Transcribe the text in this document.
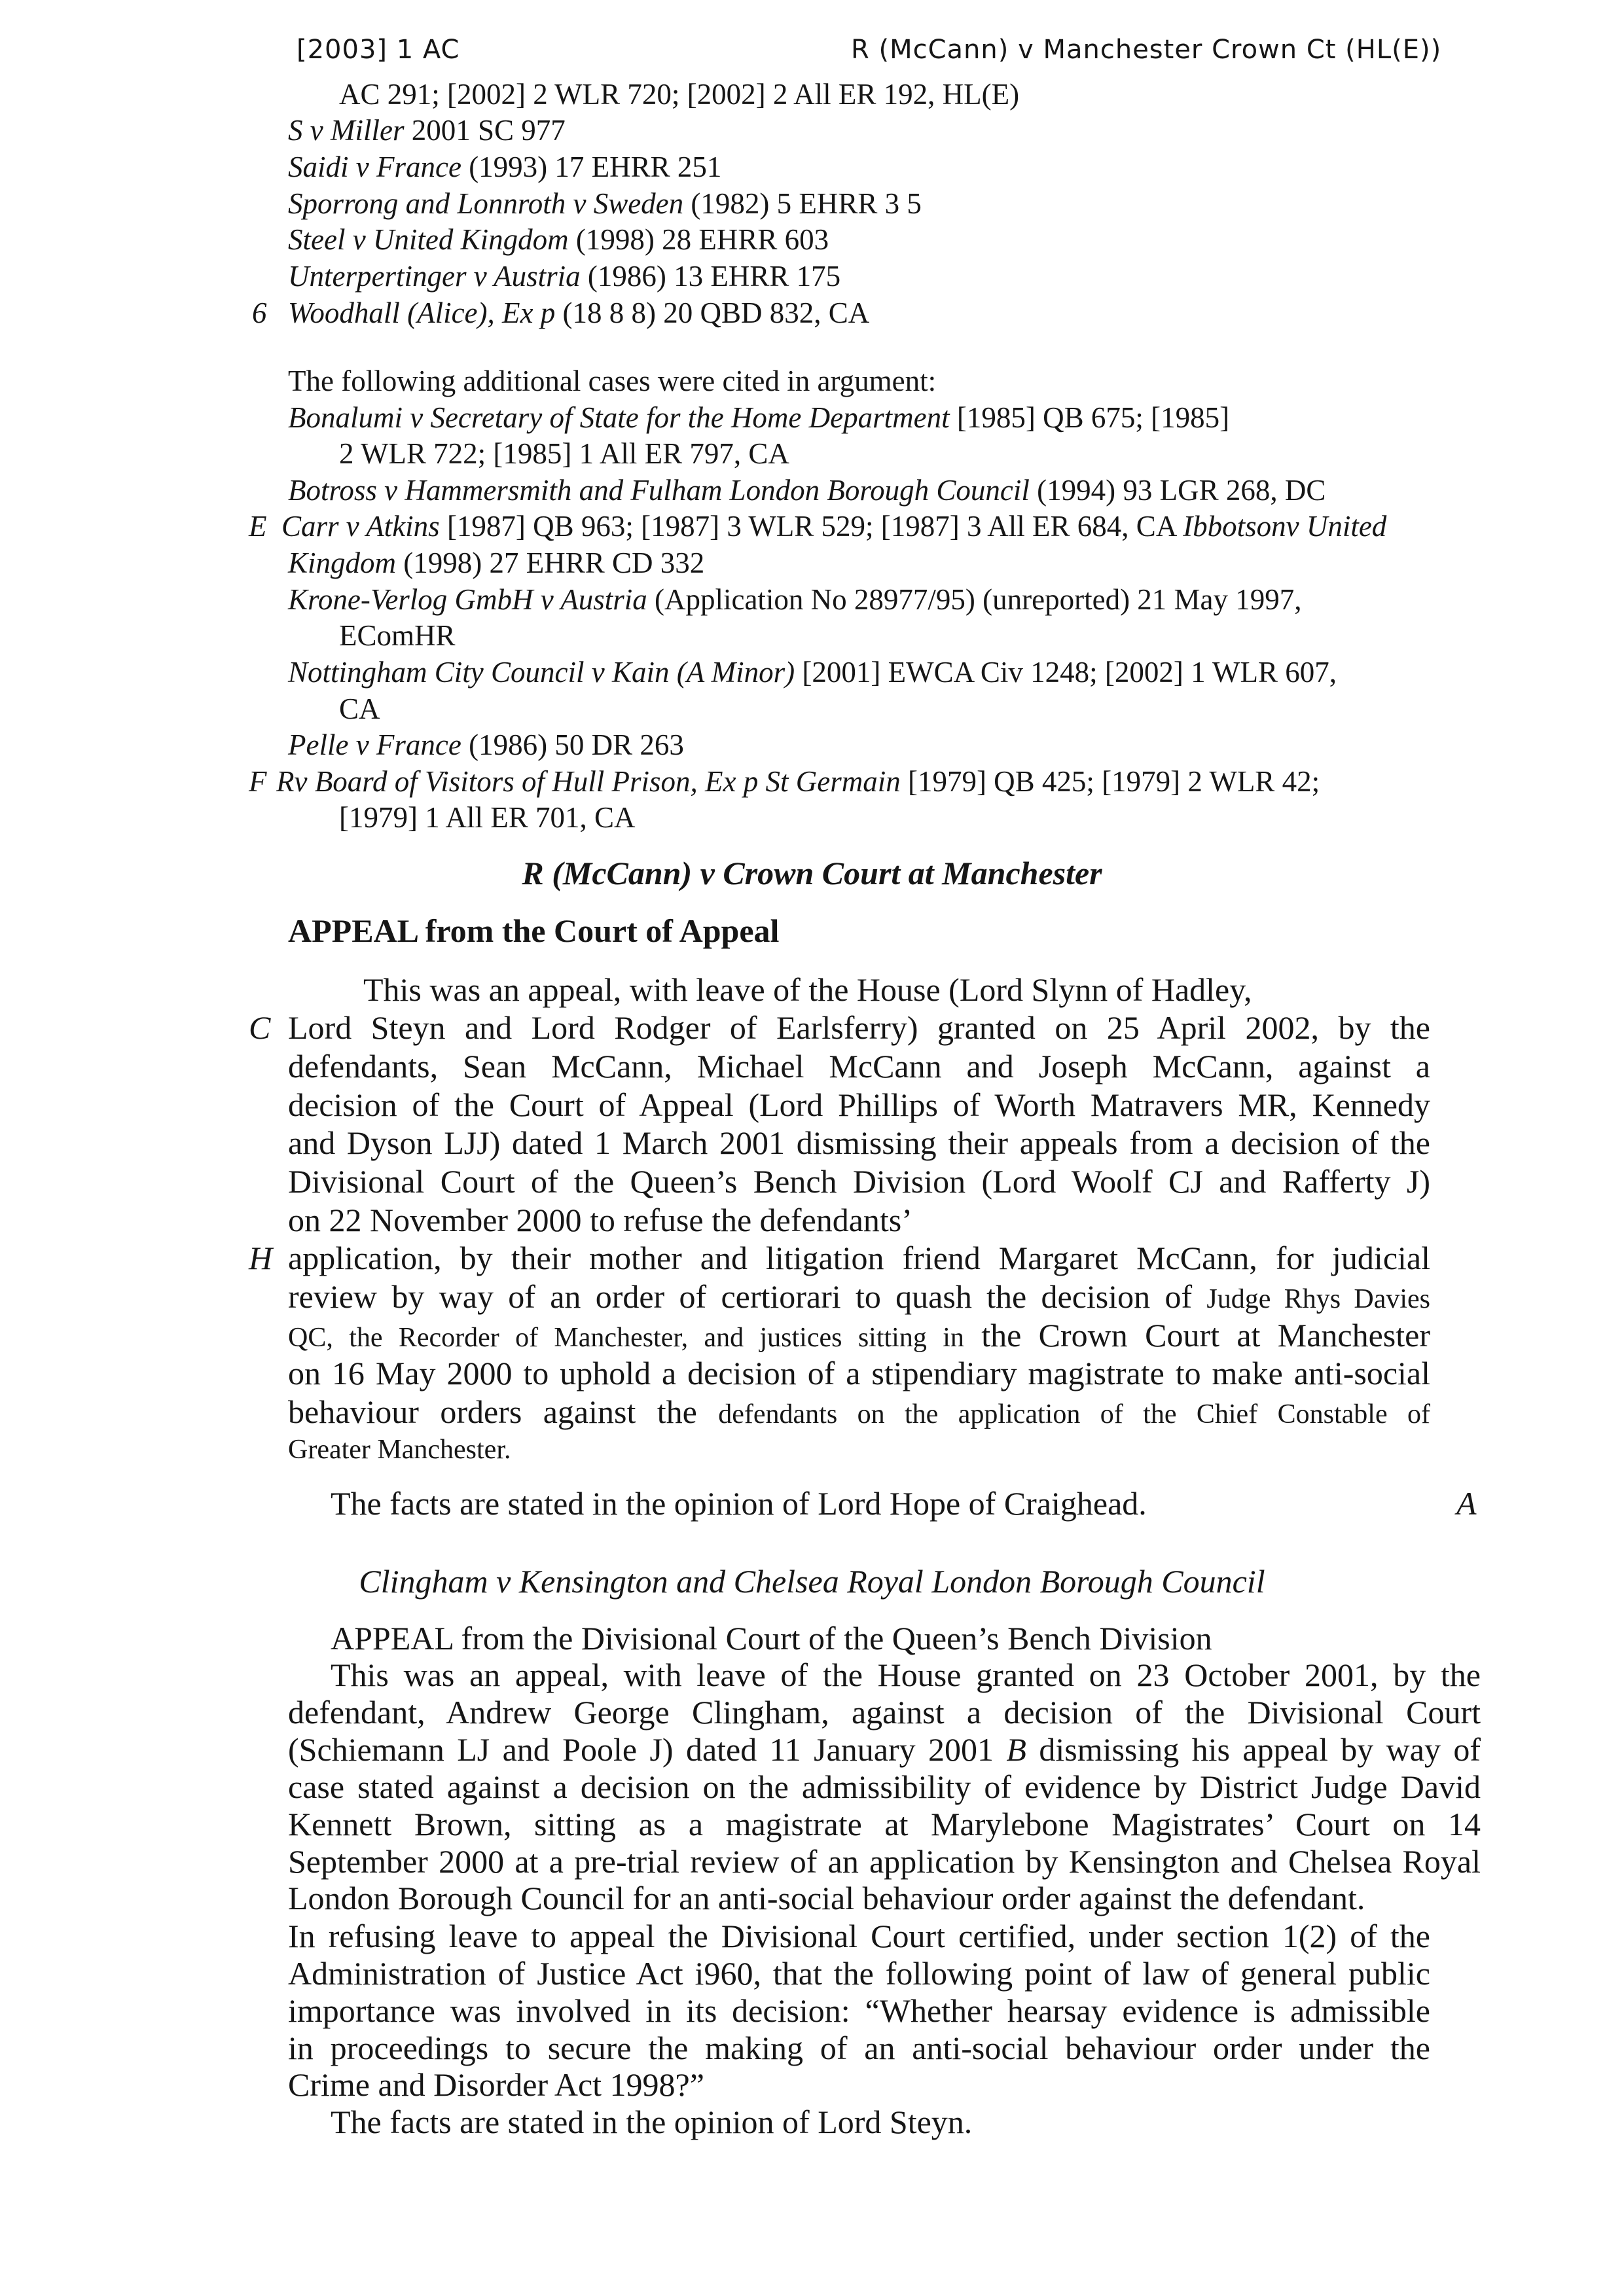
[2003] 1 AC	R (McCann) v Manchester Crown Ct (HL(E))
AC 291; [2002] 2 WLR 720; [2002] 2 All ER 192, HL(E)
S v Miller 2001 SC 977
Saidi v France (1993) 17 EHRR 251
Sporrong and Lonnroth v Sweden (1982) 5 EHRR 3 5
Steel v United Kingdom (1998) 28 EHRR 603
Unterpertinger v Austria (1986) 13 EHRR 175
6 Woodhall (Alice), Ex p (18 8 8) 20 QBD 832, CA
The following additional cases were cited in argument:
Bonalumi v Secretary of State for the Home Department [1985] QB 675; [1985]
2 WLR 722; [1985] 1 All ER 797, CA
Botross v Hammersmith and Fulham London Borough Council (1994) 93 LGR 268, DC
E Carr v Atkins [1987] QB 963; [1987] 3 WLR 529; [1987] 3 All ER 684, CA Ibbotsonv United
Kingdom (1998) 27 EHRR CD 332
Krone-Verlog GmbH v Austria (Application No 28977/95) (unreported) 21 May 1997,
EComHR
Nottingham City Council v Kain (A Minor) [2001] EWCA Civ 1248; [2002] 1 WLR 607,
CA
Pelle v France (1986) 50 DR 263
F Rv Board of Visitors of Hull Prison, Ex p St Germain [1979] QB 425; [1979] 2 WLR 42;
[1979] 1 All ER 701, CA
R (McCann) v Crown Court at Manchester
APPEAL from the Court of Appeal
This was an appeal, with leave of the House (Lord Slynn of Hadley,
C Lord Steyn and Lord Rodger of Earlsferry) granted on 25 April 2002, by the
defendants, Sean McCann, Michael McCann and Joseph McCann, against a
decision of the Court of Appeal (Lord Phillips of Worth Matravers MR, Kennedy
and Dyson LJJ) dated 1 March 2001 dismissing their appeals from a decision of the
Divisional Court of the Queen’s Bench Division (Lord Woolf CJ and Rafferty J)
on 22 November 2000 to refuse the defendants’
H application, by their mother and litigation friend Margaret McCann, for judicial
review by way of an order of certiorari to quash the decision of Judge Rhys Davies
QC, the Recorder of Manchester, and justices sitting in the Crown Court at Manchester
on 16 May 2000 to uphold a decision of a stipendiary magistrate to make anti-social
behaviour orders against the defendants on the application of the Chief Constable of
Greater Manchester.
The facts are stated in the opinion of Lord Hope of Craighead.	A
Clingham v Kensington and Chelsea Royal London Borough Council
APPEAL from the Divisional Court of the Queen’s Bench Division
This was an appeal, with leave of the House granted on 23 October 2001, by the
defendant, Andrew George Clingham, against a decision of the Divisional Court
(Schiemann LJ and Poole J) dated 11 January 2001 B dismissing his appeal by way of
case stated against a decision on the admissibility of evidence by District Judge David
Kennett Brown, sitting as a magistrate at Marylebone Magistrates’ Court on 14
September 2000 at a pre-trial review of an application by Kensington and Chelsea Royal
London Borough Council for an anti-social behaviour order against the defendant.
In refusing leave to appeal the Divisional Court certified, under section 1(2) of the
Administration of Justice Act i960, that the following point of law of general public
importance was involved in its decision: “Whether hearsay evidence is admissible
in proceedings to secure the making of an anti-social behaviour order under the
Crime and Disorder Act 1998?”
The facts are stated in the opinion of Lord Steyn.
